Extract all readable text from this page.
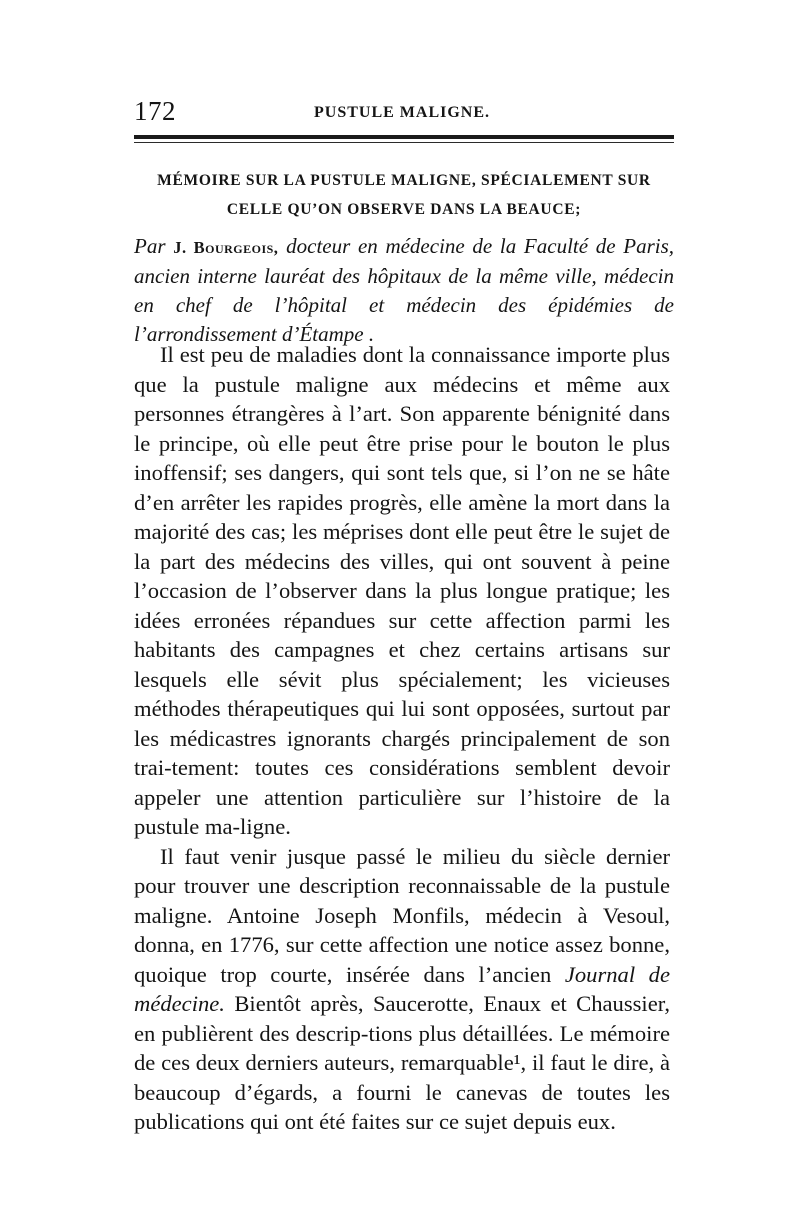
172	PUSTULE MALIGNE.
MÉMOIRE SUR LA PUSTULE MALIGNE, SPÉCIALEMENT SUR
CELLE QU’ON OBSERVE DANS LA BEAUCE;
Par J. Bourgeois, docteur en médecine de la Faculté de Paris, ancien interne lauréat des hôpitaux de la même ville, médecin en chef de l’hôpital et médecin des épidémies de l’arrondissement d’Étampe .

Il est peu de maladies dont la connaissance importe plus que la pustule maligne aux médecins et même aux personnes étrangères à l’art. Son apparente bénignité dans le principe, où elle peut être prise pour le bouton le plus inoffensif; ses dangers, qui sont tels que, si l’on ne se hâte d’en arrêter les rapides progrès, elle amène la mort dans la majorité des cas; les méprises dont elle peut être le sujet de la part des médecins des villes, qui ont souvent à peine l’occasion de l’observer dans la plus longue pratique; les idées erronées répandues sur cette affection parmi les habitants des campagnes et chez certains artisans sur lesquels elle sévit plus spécialement; les vicieuses méthodes thérapeutiques qui lui sont opposées, surtout par les médicastres ignorants chargés principalement de son trai-tement: toutes ces considérations semblent devoir appeler une attention particulière sur l’histoire de la pustule ma-ligne.

Il faut venir jusque passé le milieu du siècle dernier pour trouver une description reconnaissable de la pustule maligne. Antoine Joseph Monfils, médecin à Vesoul, donna, en 1776, sur cette affection une notice assez bonne, quoique trop courte, insérée dans l’ancien Journal de médecine. Bientôt après, Saucerotte, Enaux et Chaussier, en publièrent des descrip-tions plus détaillées. Le mémoire de ces deux derniers auteurs, remarquable¹, il faut le dire, à beaucoup d’égards, a fourni le canevas de toutes les publications qui ont été faites sur ce sujet depuis eux.
